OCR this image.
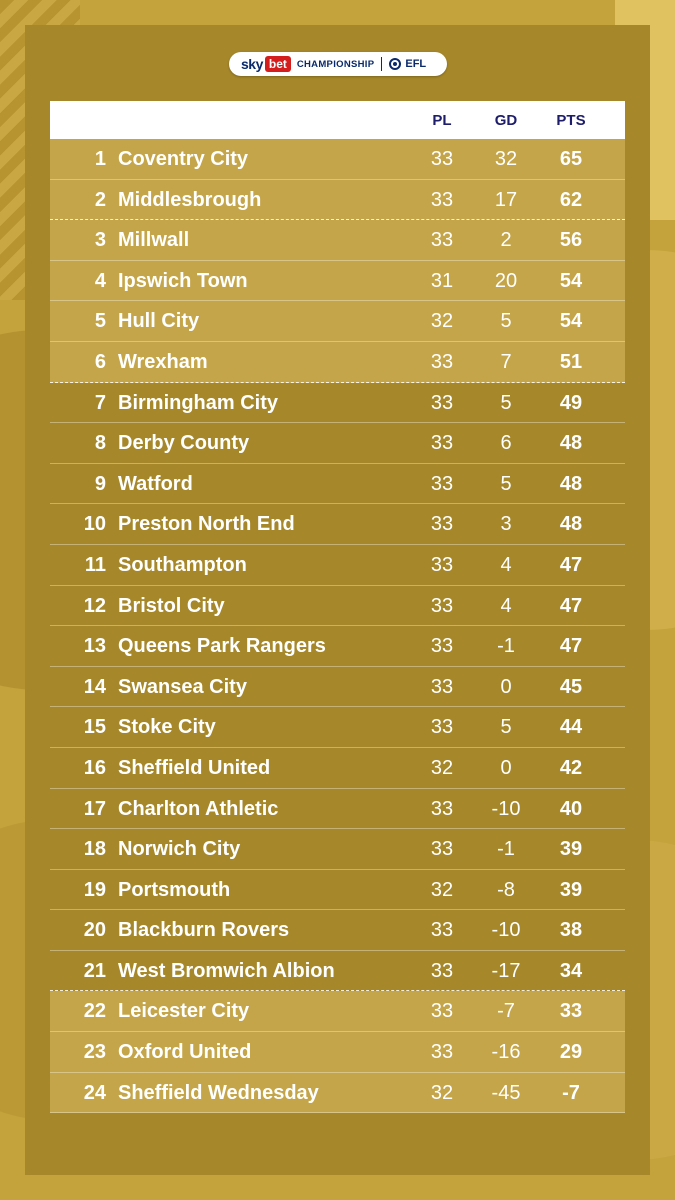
sky bet	CHAMPIONSHIP	EFL
PL	GD	PTS
1 Coventry City	33	32	65
2 Middlesbrough	33	17	62
3 Millwall	33	2	56
4 Ipswich Town	31	20	54
5 Hull City	32	5	54
6 Wrexham	33	7	51
7 Birmingham City	33	5	49
8 Derby County	33	6	48
9 Watford	33	5	48
10 Preston North End	33	3	48
11 Southampton	33	4	47
12 Bristol City	33	4	47
13 Queens Park Rangers	33	-1	47
14 Swansea City	33	0	45
15 Stoke City	33	5	44
16 Sheffield United	32	0	42
17 Charlton Athletic	33	-10	40
18 Norwich City	33	-1	39
19 Portsmouth	32	-8	39
20 Blackburn Rovers	33	-10	38
21 West Bromwich Albion	33	-17	34
22 Leicester City	33	-7	33
23 Oxford United	33	-16	29
24 Sheffield Wednesday	32	-45	-7
